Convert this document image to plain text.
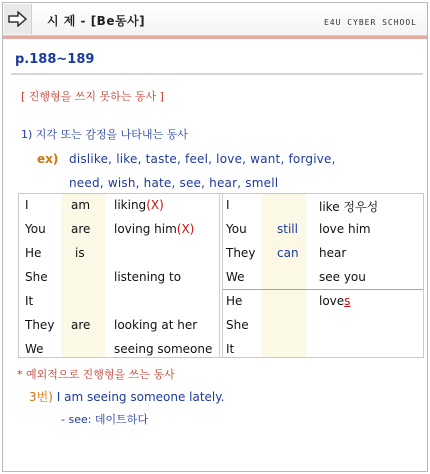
시 제 - [Be동사]	E4U CYBER SCHOOL
p.188~189
[ 진행형을 쓰지 못하는 동사 ]
1) 지각 또는 감정을 나타내는 동사
ex) dislike, like, taste, feel, love, want, forgive,
need, wish, hate, see, hear, smell
I
You
He
She
It
They
We
am
are
is
are
liking(X)
loving him(X)
listening to
looking at her
seeing someone
I
You
They
We
He
She
It
still
can
like 정우성
love him
hear
see you
loves
* 예외적으로 진행형을 쓰는 동사
3번) I am seeing someone lately.
- see: 데이트하다
